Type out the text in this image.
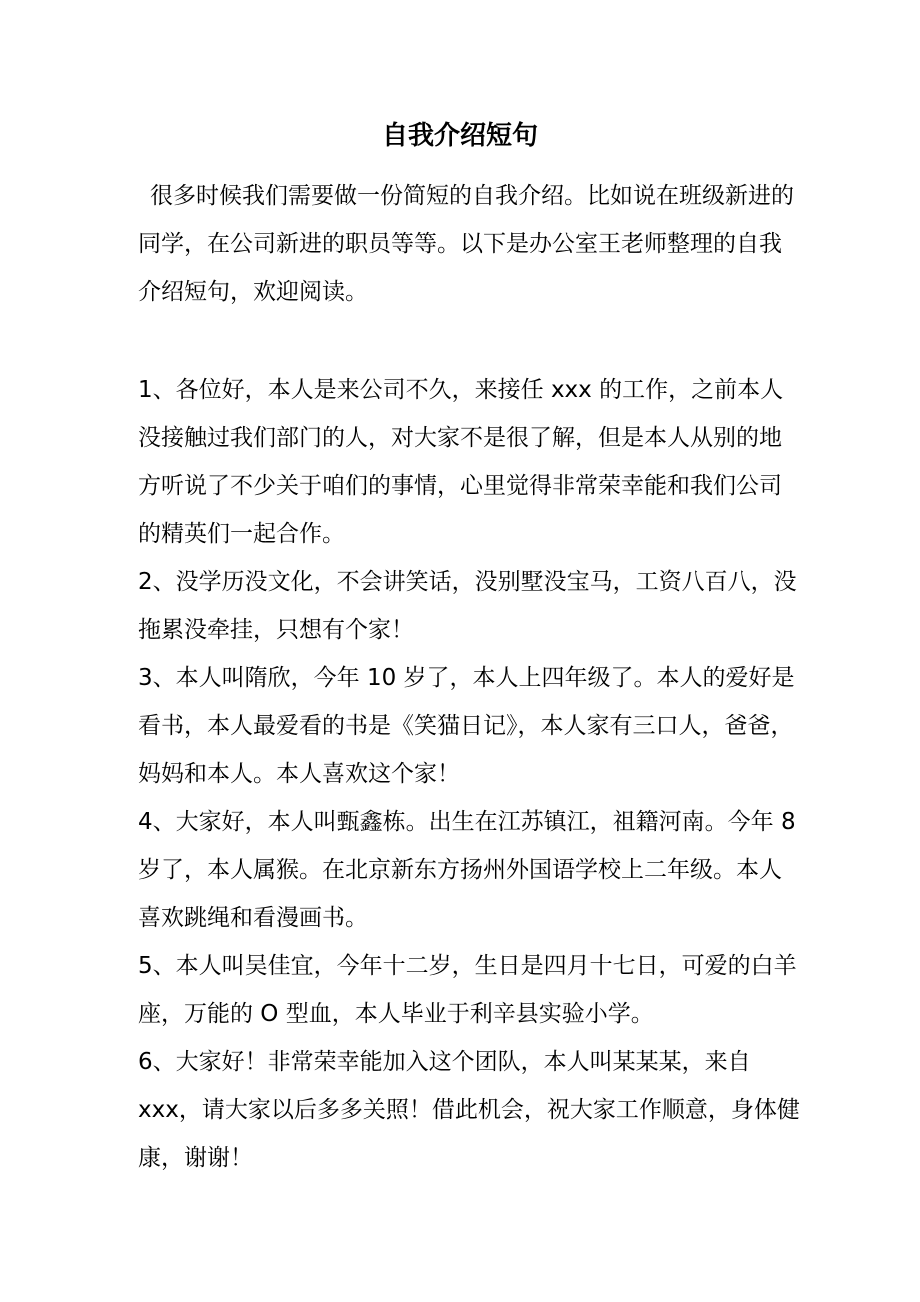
自我介绍短句

很多时候我们需要做一份简短的自我介绍。比如说在班级新进的同学，在公司新进的职员等等。以下是办公室王老师整理的自我介绍短句，欢迎阅读。

1、各位好，本人是来公司不久，来接任 xxx 的工作，之前本人没接触过我们部门的人，对大家不是很了解，但是本人从别的地方听说了不少关于咱们的事情，心里觉得非常荣幸能和我们公司的精英们一起合作。

2、没学历没文化，不会讲笑话，没别墅没宝马，工资八百八，没拖累没牵挂，只想有个家！

3、本人叫隋欣，今年 10 岁了，本人上四年级了。本人的爱好是看书，本人最爱看的书是《笑猫日记》，本人家有三口人，爸爸，妈妈和本人。本人喜欢这个家！

4、大家好，本人叫甄鑫栋。出生在江苏镇江，祖籍河南。今年 8 岁了，本人属猴。在北京新东方扬州外国语学校上二年级。本人喜欢跳绳和看漫画书。

5、本人叫吴佳宜，今年十二岁，生日是四月十七日，可爱的白羊座，万能的 O 型血，本人毕业于利辛县实验小学。

6、大家好！非常荣幸能加入这个团队，本人叫某某某，来自 xxx，请大家以后多多关照！借此机会，祝大家工作顺意，身体健康，谢谢！
